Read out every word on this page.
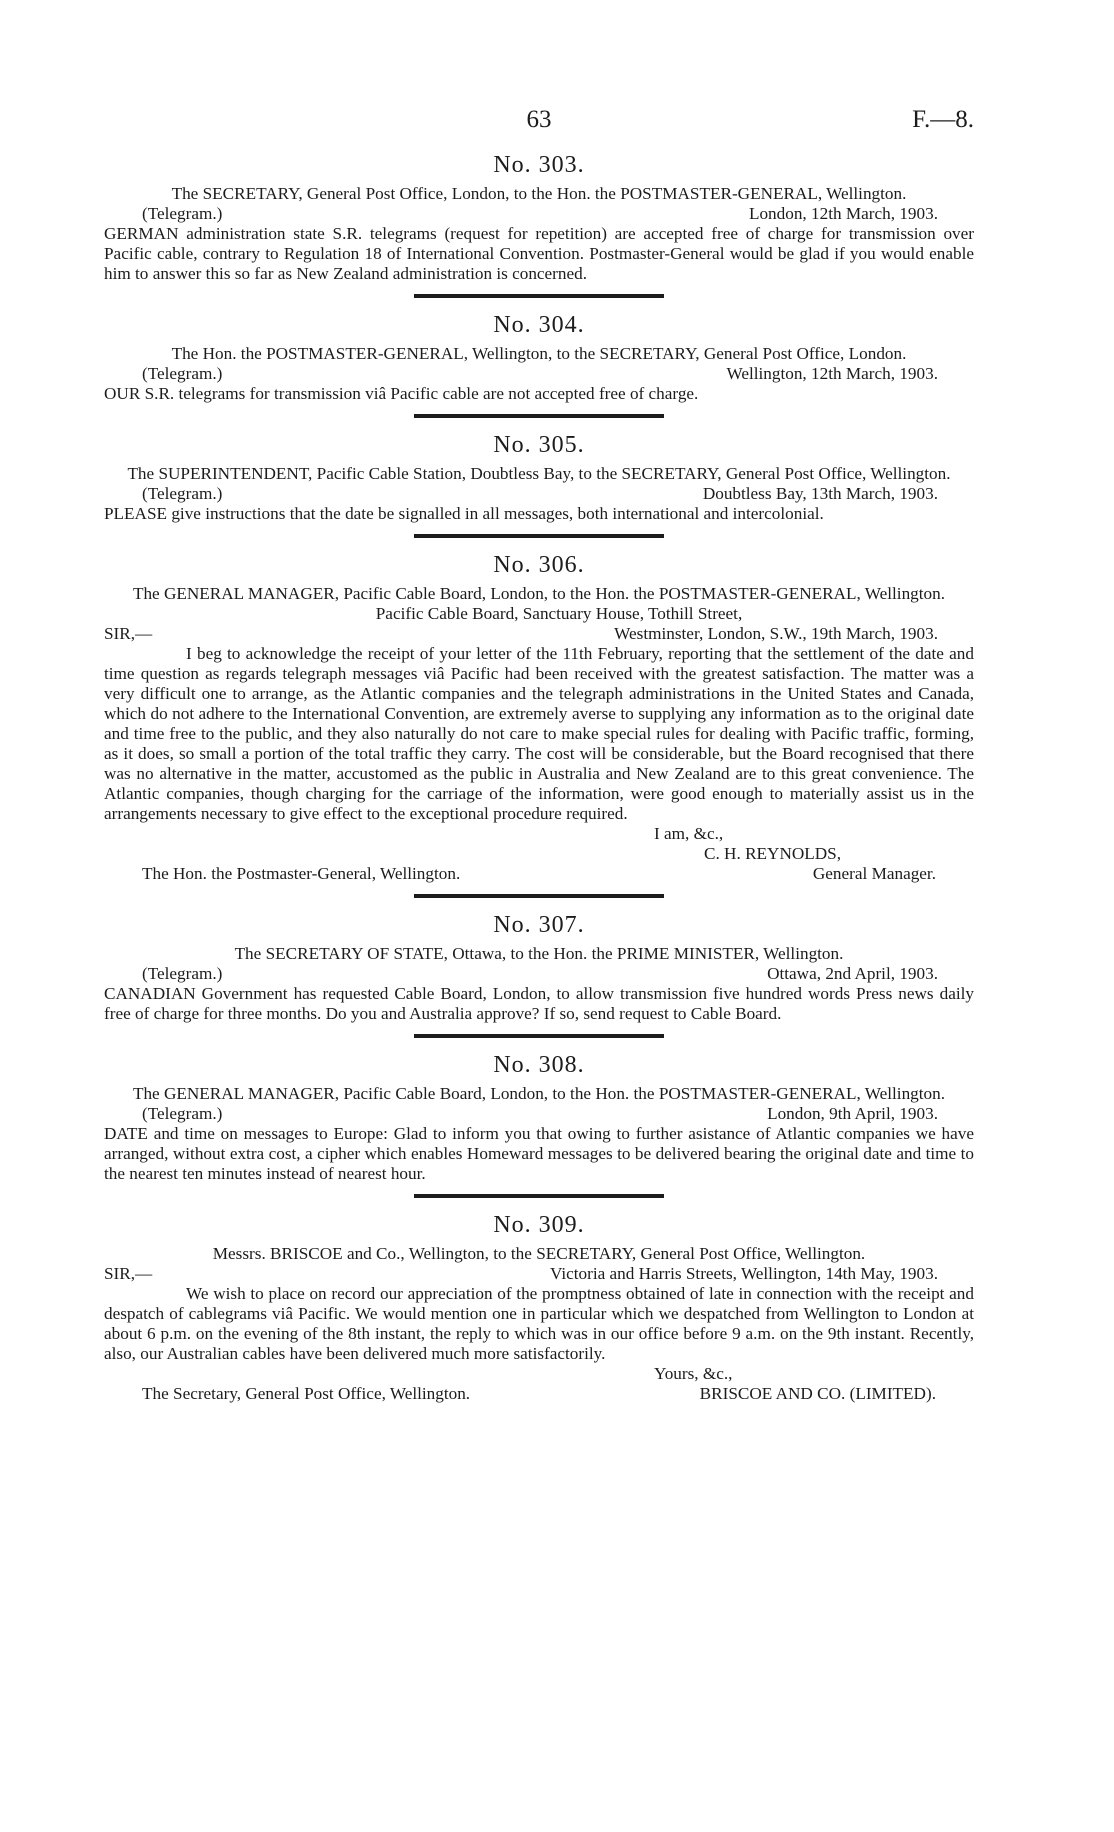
63	F.—8.
No. 303.

The SECRETARY, General Post Office, London, to the Hon. the POSTMASTER-GENERAL, Wellington.

(Telegram.)	London, 12th March, 1903.

GERMAN administration state S.R. telegrams (request for repetition) are accepted free of charge for transmission over Pacific cable, contrary to Regulation 18 of International Convention. Postmaster-General would be glad if you would enable him to answer this so far as New Zealand administration is concerned.

No. 304.

The Hon. the POSTMASTER-GENERAL, Wellington, to the SECRETARY, General Post Office, London.

(Telegram.)	Wellington, 12th March, 1903.

OUR S.R. telegrams for transmission viâ Pacific cable are not accepted free of charge.

No. 305.

The SUPERINTENDENT, Pacific Cable Station, Doubtless Bay, to the SECRETARY, General Post Office, Wellington.

(Telegram.)	Doubtless Bay, 13th March, 1903.

PLEASE give instructions that the date be signalled in all messages, both international and intercolonial.

No. 306.

The GENERAL MANAGER, Pacific Cable Board, London, to the Hon. the POSTMASTER-GENERAL, Wellington.

Pacific Cable Board, Sanctuary House, Tothill Street,
SIR,—	Westminster, London, S.W., 19th March, 1903.

I beg to acknowledge the receipt of your letter of the 11th February, reporting that the settlement of the date and time question as regards telegraph messages viâ Pacific had been received with the greatest satisfaction. The matter was a very difficult one to arrange, as the Atlantic companies and the telegraph administrations in the United States and Canada, which do not adhere to the International Convention, are extremely averse to supplying any information as to the original date and time free to the public, and they also naturally do not care to make special rules for dealing with Pacific traffic, forming, as it does, so small a portion of the total traffic they carry. The cost will be considerable, but the Board recognised that there was no alternative in the matter, accustomed as the public in Australia and New Zealand are to this great convenience. The Atlantic companies, though charging for the carriage of the information, were good enough to materially assist us in the arrangements necessary to give effect to the exceptional procedure required.

I am, &c.,
C. H. REYNOLDS,
The Hon. the Postmaster-General, Wellington.	General Manager.
No. 307.

The SECRETARY OF STATE, Ottawa, to the Hon. the PRIME MINISTER, Wellington.

(Telegram.)	Ottawa, 2nd April, 1903.

CANADIAN Government has requested Cable Board, London, to allow transmission five hundred words Press news daily free of charge for three months. Do you and Australia approve? If so, send request to Cable Board.

No. 308.

The GENERAL MANAGER, Pacific Cable Board, London, to the Hon. the POSTMASTER-GENERAL, Wellington.

(Telegram.)	London, 9th April, 1903.

DATE and time on messages to Europe: Glad to inform you that owing to further asistance of Atlantic companies we have arranged, without extra cost, a cipher which enables Homeward messages to be delivered bearing the original date and time to the nearest ten minutes instead of nearest hour.

No. 309.

Messrs. BRISCOE and Co., Wellington, to the SECRETARY, General Post Office, Wellington.

SIR,—	Victoria and Harris Streets, Wellington, 14th May, 1903.

We wish to place on record our appreciation of the promptness obtained of late in connection with the receipt and despatch of cablegrams viâ Pacific. We would mention one in particular which we despatched from Wellington to London at about 6 p.m. on the evening of the 8th instant, the reply to which was in our office before 9 a.m. on the 9th instant. Recently, also, our Australian cables have been delivered much more satisfactorily.

Yours, &c.,
The Secretary, General Post Office, Wellington.	BRISCOE AND CO. (LIMITED).
